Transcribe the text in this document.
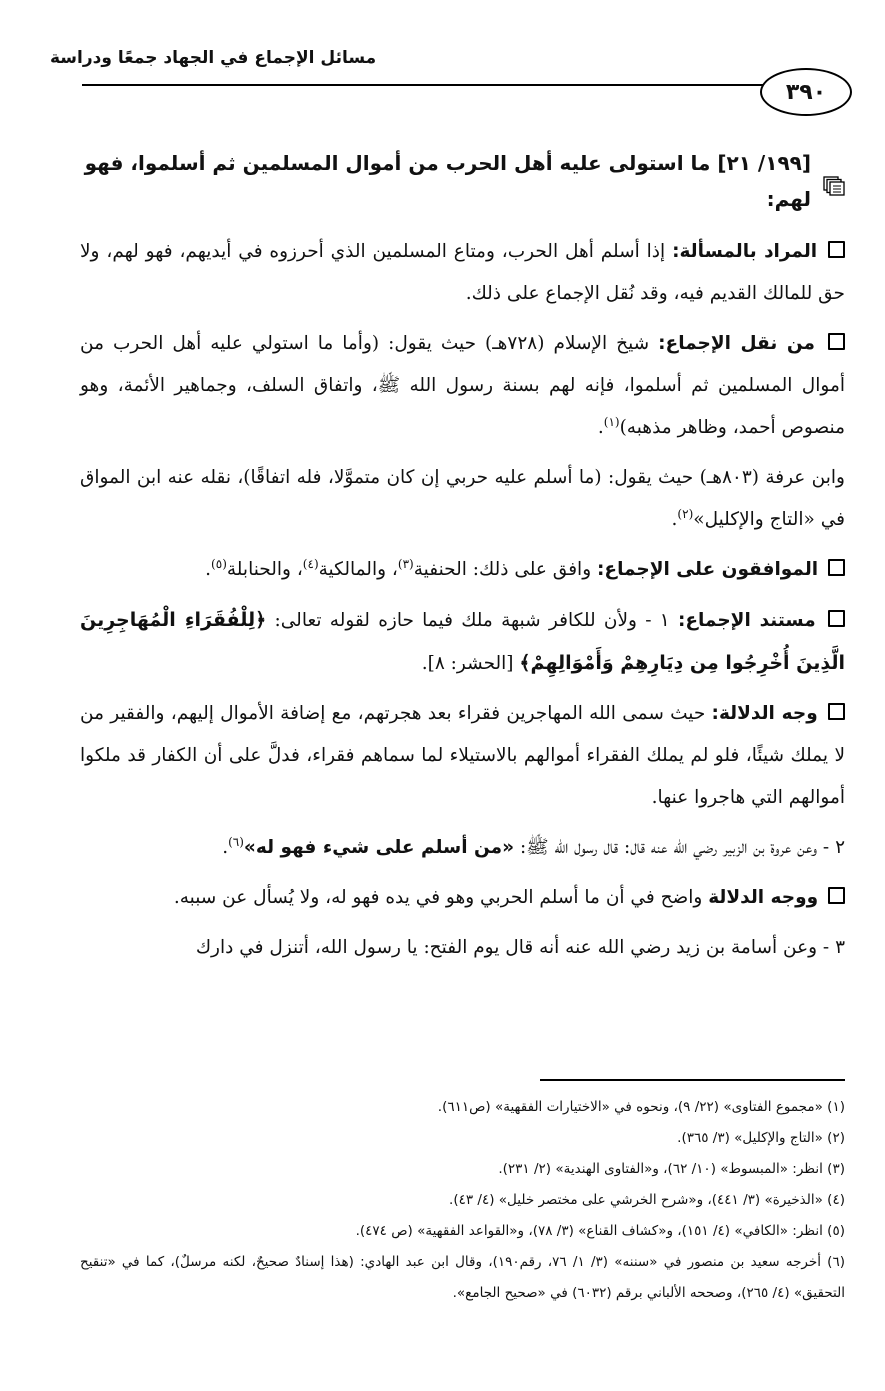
مسائل الإجماع في الجهاد جمعًا ودراسة
٣٩٠
[١٩٩/ ٢١] ما استولى عليه أهل الحرب من أموال المسلمين ثم أسلموا، فهو لهم:

المراد بالمسألة: إذا أسلم أهل الحرب، ومتاع المسلمين الذي أحرزوه في أيديهم، فهو لهم، ولا حق للمالك القديم فيه، وقد نُقل الإجماع على ذلك.

من نقل الإجماع: شيخ الإسلام (٧٢٨هـ) حيث يقول: (وأما ما استولي عليه أهل الحرب من أموال المسلمين ثم أسلموا، فإنه لهم بسنة رسول الله ﷺ، واتفاق السلف، وجماهير الأئمة، وهو منصوص أحمد، وظاهر مذهبه)$^{(١)}$.

وابن عرفة (٨٠٣هـ) حيث يقول: (ما أسلم عليه حربي إن كان متموَّلا، فله اتفاقًا)، نقله عنه ابن المواق في «التاج والإكليل»$^{(٢)}$.

الموافقون على الإجماع: وافق على ذلك: الحنفية$^{(٣)}$، والمالكية$^{(٤)}$، والحنابلة$^{(٥)}$.

مستند الإجماع: ١ - ولأن للكافر شبهة ملك فيما حازه لقوله تعالى: ﴿لِلْفُقَرَاءِ الْمُهَاجِرِينَ الَّذِينَ أُخْرِجُوا مِن دِيَارِهِمْ وَأَمْوَالِهِمْ﴾ [الحشر: ٨].

وجه الدلالة: حيث سمى الله المهاجرين فقراء بعد هجرتهم، مع إضافة الأموال إليهم، والفقير من لا يملك شيئًا، فلو لم يملك الفقراء أموالهم بالاستيلاء لما سماهم فقراء، فدلَّ على أن الكفار قد ملكوا أموالهم التي هاجروا عنها.

٢ - وعن عروة بن الزبير رضي الله عنه قال: قال رسول الله ﷺ: «من أسلم على شيء فهو له»$^{(٦)}$.

ووجه الدلالة واضح في أن ما أسلم الحربي وهو في يده فهو له، ولا يُسأل عن سببه.

٣ - وعن أسامة بن زيد رضي الله عنه أنه قال يوم الفتح: يا رسول الله، أتنزل في دارك

(١) «مجموع الفتاوى» (٢٢/ ٩)، ونحوه في «الاختيارات الفقهية» (ص٦١١).

(٢) «التاج والإكليل» (٣/ ٣٦٥).

(٣) انظر: «المبسوط» (١٠/ ٦٢)، و«الفتاوى الهندية» (٢/ ٢٣١).

(٤) «الذخيرة» (٣/ ٤٤١)، و«شرح الخرشي على مختصر خليل» (٤/ ٤٣).

(٥) انظر: «الكافي» (٤/ ١٥١)، و«كشاف القناع» (٣/ ٧٨)، و«القواعد الفقهية» (ص ٤٧٤).

(٦) أخرجه سعيد بن منصور في «سننه» (٣/ ١/ ٧٦، رقم١٩٠)، وقال ابن عبد الهادي: (هذا إسنادٌ صحيحٌ، لكنه مرسلٌ)، كما في «تنقيح التحقيق» (٤/ ٢٦٥)، وصححه الألباني برقم (٦٠٣٢) في «صحيح الجامع».
